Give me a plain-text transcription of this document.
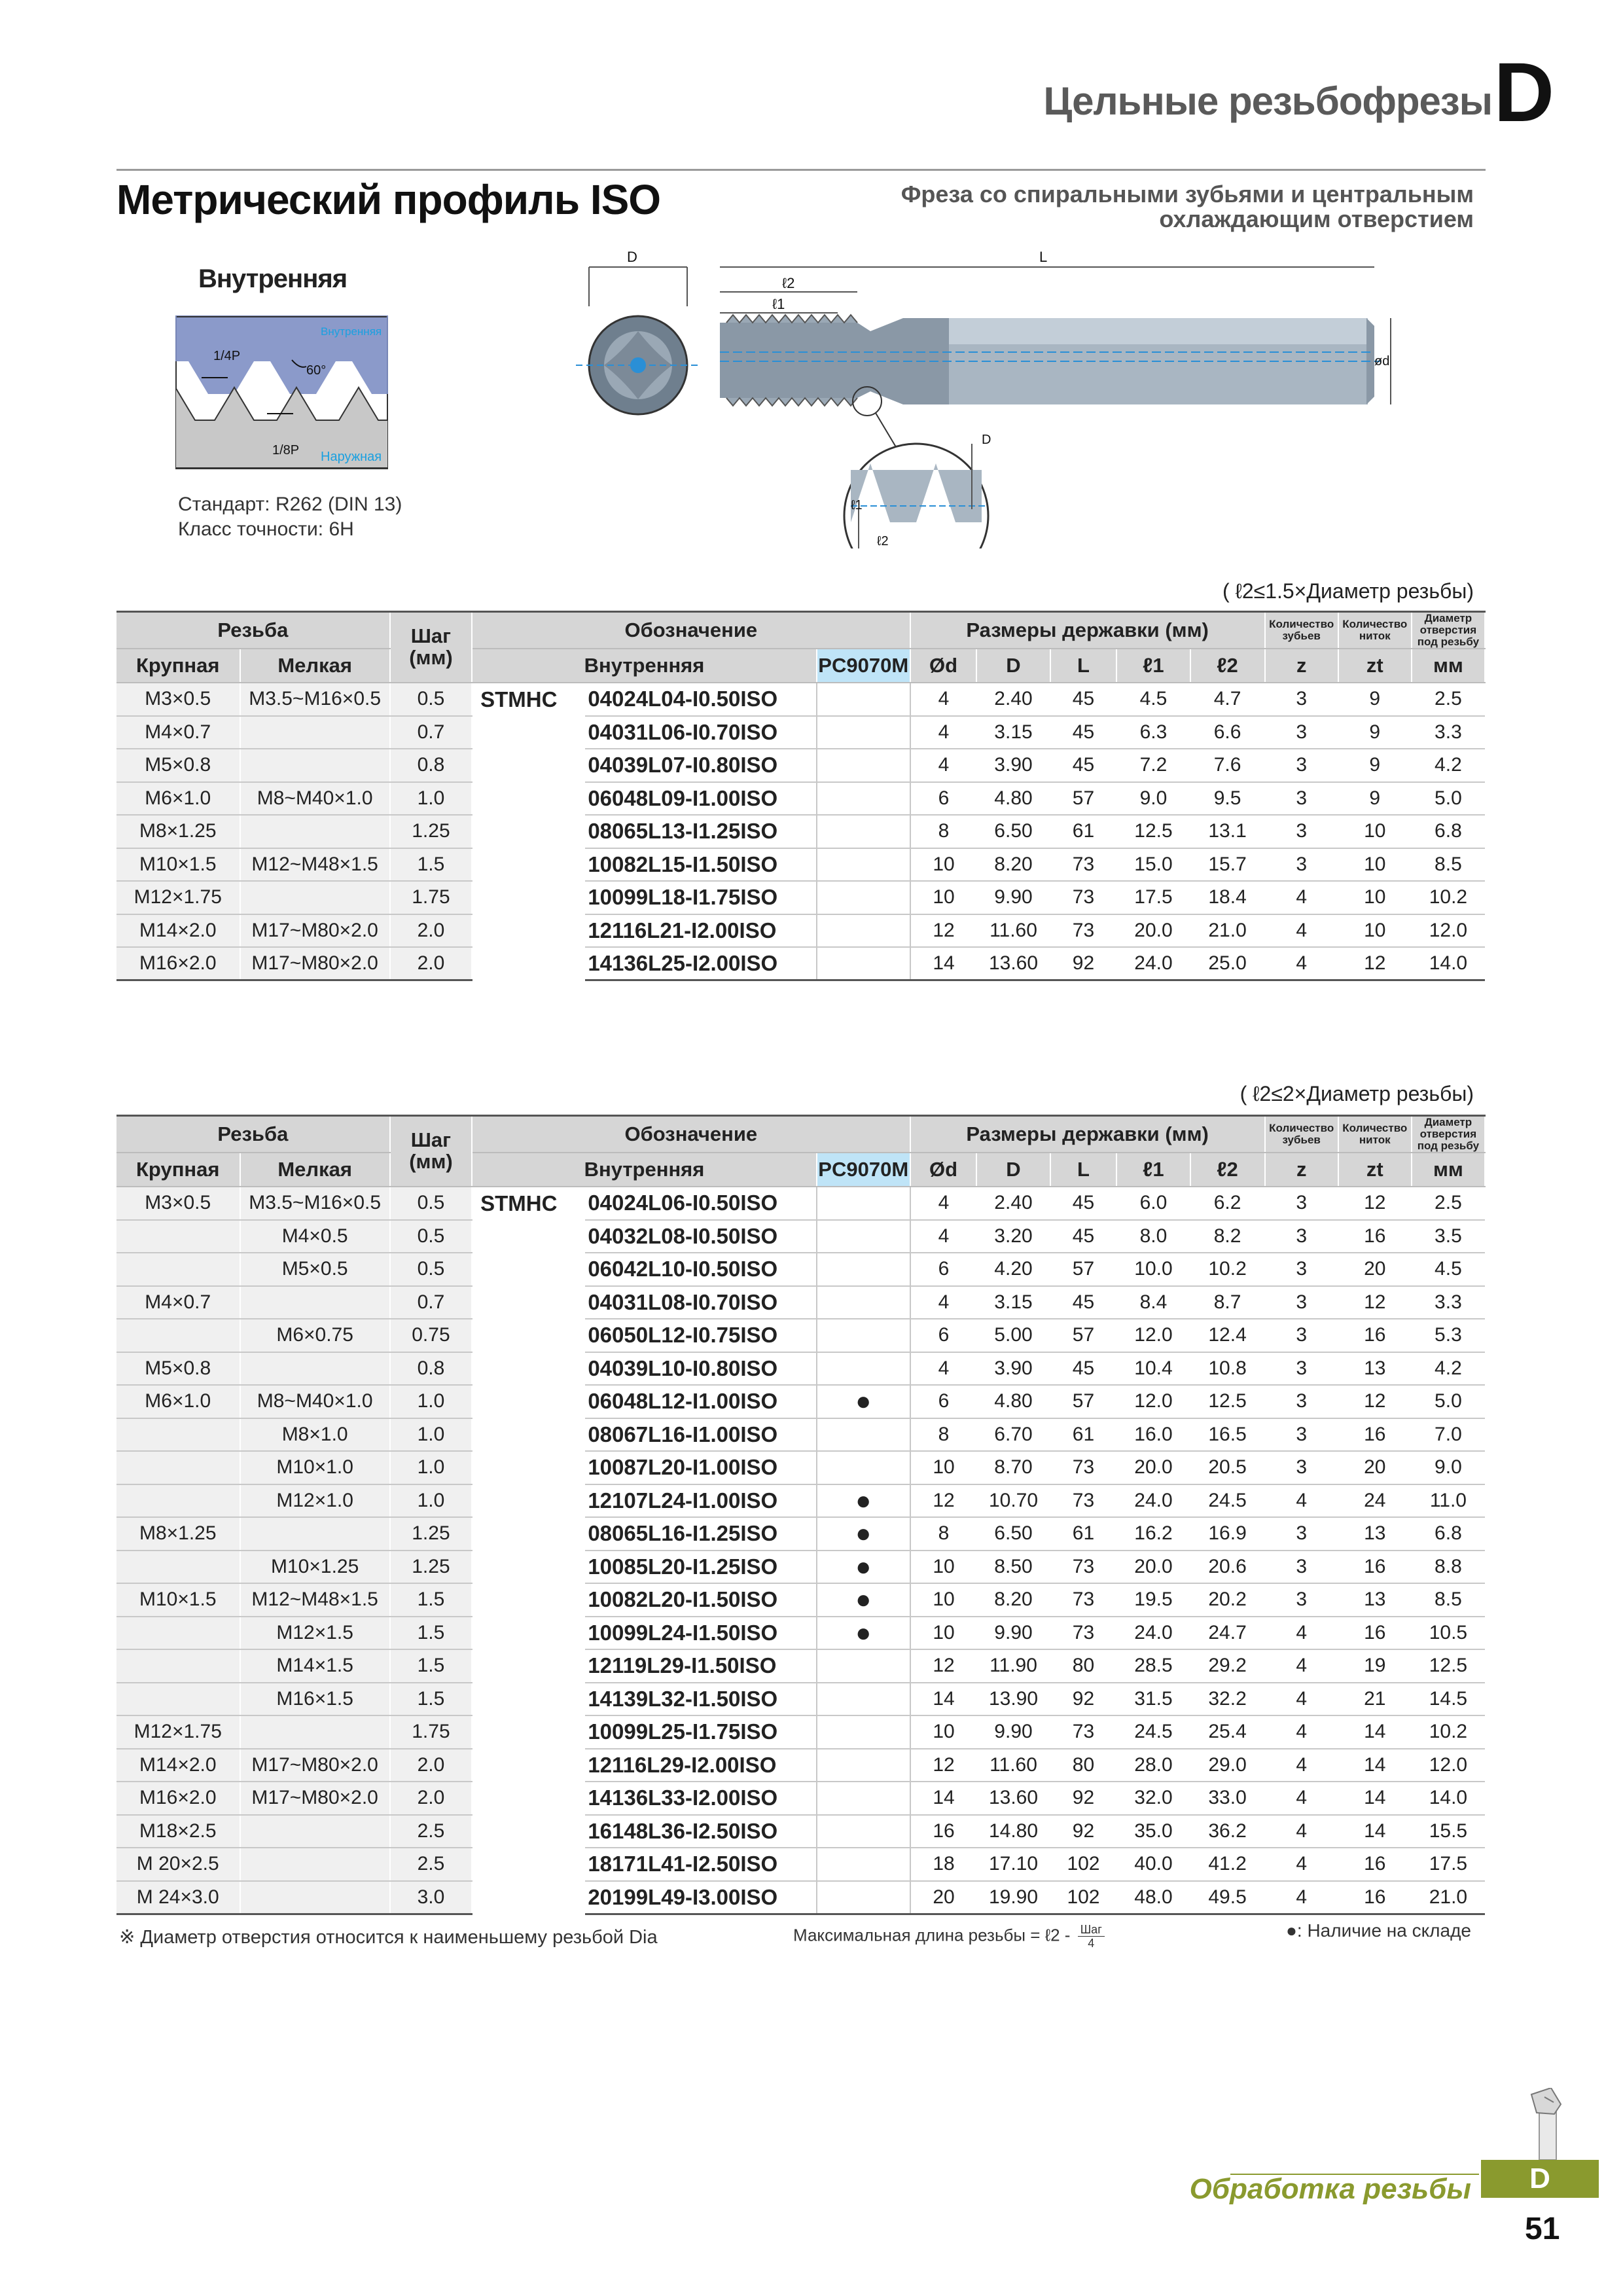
Цельные резьбофрезы D
Метрический профиль ISO	Фреза со спиральными зубьями и центральным
охлаждающим отверстием
Внутренняя
1/4P
1/8P
60°
Внутренняя
Наружная
Стандарт: R262 (DIN 13)
Класс точности: 6H
D	L
ℓ2
ℓ1
ød
D
ℓ1
ℓ2
( ℓ2≤1.5×Диаметр резьбы)
Резьба		Шаг (мм)	Обозначение			Размеры державки (мм)					Количество зубьев	Количество ниток	Диаметр отверстия под резьбу
Крупная	Мелкая		Внутренняя		PC9070M	Ød	D	L	ℓ1	ℓ2	z	zt	мм
M3×0.5	M3.5~M16×0.5	0.5	STMHC	04024L04-I0.50ISO		4	2.40	45	4.5	4.7	3	9	2.5
M4×0.7		0.7		04031L06-I0.70ISO		4	3.15	45	6.3	6.6	3	9	3.3
M5×0.8		0.8		04039L07-I0.80ISO		4	3.90	45	7.2	7.6	3	9	4.2
M6×1.0	M8~M40×1.0	1.0		06048L09-I1.00ISO		6	4.80	57	9.0	9.5	3	9	5.0
M8×1.25		1.25		08065L13-I1.25ISO		8	6.50	61	12.5	13.1	3	10	6.8
M10×1.5	M12~M48×1.5	1.5		10082L15-I1.50ISO		10	8.20	73	15.0	15.7	3	10	8.5
M12×1.75		1.75		10099L18-I1.75ISO		10	9.90	73	17.5	18.4	4	10	10.2
M14×2.0	M17~M80×2.0	2.0		12116L21-I2.00ISO		12	11.60	73	20.0	21.0	4	10	12.0
M16×2.0	M17~M80×2.0	2.0		14136L25-I2.00ISO		14	13.60	92	24.0	25.0	4	12	14.0
( ℓ2≤2×Диаметр резьбы)
Резьба		Шаг (мм)	Обозначение			Размеры державки (мм)					Количество зубьев	Количество ниток	Диаметр отверстия под резьбу
Крупная	Мелкая		Внутренняя		PC9070M	Ød	D	L	ℓ1	ℓ2	z	zt	мм
M3×0.5	M3.5~M16×0.5	0.5	STMHC	04024L06-I0.50ISO		4	2.40	45	6.0	6.2	3	12	2.5
	M4×0.5	0.5		04032L08-I0.50ISO		4	3.20	45	8.0	8.2	3	16	3.5
	M5×0.5	0.5		06042L10-I0.50ISO		6	4.20	57	10.0	10.2	3	20	4.5
M4×0.7		0.7		04031L08-I0.70ISO		4	3.15	45	8.4	8.7	3	12	3.3
	M6×0.75	0.75		06050L12-I0.75ISO		6	5.00	57	12.0	12.4	3	16	5.3
M5×0.8		0.8		04039L10-I0.80ISO		4	3.90	45	10.4	10.8	3	13	4.2
M6×1.0	M8~M40×1.0	1.0		06048L12-I1.00ISO	●	6	4.80	57	12.0	12.5	3	12	5.0
	M8×1.0	1.0		08067L16-I1.00ISO		8	6.70	61	16.0	16.5	3	16	7.0
	M10×1.0	1.0		10087L20-I1.00ISO		10	8.70	73	20.0	20.5	3	20	9.0
	M12×1.0	1.0		12107L24-I1.00ISO	●	12	10.70	73	24.0	24.5	4	24	11.0
M8×1.25		1.25		08065L16-I1.25ISO	●	8	6.50	61	16.2	16.9	3	13	6.8
	M10×1.25	1.25		10085L20-I1.25ISO	●	10	8.50	73	20.0	20.6	3	16	8.8
M10×1.5	M12~M48×1.5	1.5		10082L20-I1.50ISO	●	10	8.20	73	19.5	20.2	3	13	8.5
	M12×1.5	1.5		10099L24-I1.50ISO	●	10	9.90	73	24.0	24.7	4	16	10.5
	M14×1.5	1.5		12119L29-I1.50ISO		12	11.90	80	28.5	29.2	4	19	12.5
	M16×1.5	1.5		14139L32-I1.50ISO		14	13.90	92	31.5	32.2	4	21	14.5
M12×1.75		1.75		10099L25-I1.75ISO		10	9.90	73	24.5	25.4	4	14	10.2
M14×2.0	M17~M80×2.0	2.0		12116L29-I2.00ISO		12	11.60	80	28.0	29.0	4	14	12.0
M16×2.0	M17~M80×2.0	2.0		14136L33-I2.00ISO		14	13.60	92	32.0	33.0	4	14	14.0
M18×2.5		2.5		16148L36-I2.50ISO		16	14.80	92	35.0	36.2	4	14	15.5
M 20×2.5		2.5		18171L41-I2.50ISO		18	17.10	102	40.0	41.2	4	16	17.5
M 24×3.0		3.0		20199L49-I3.00ISO		20	19.90	102	48.0	49.5	4	16	21.0
※ Диаметр отверстия относится к наименьшему резьбой Dia	Максимальная длина резьбы = ℓ2 - $\frac{\text{Шаг}}{4}$	●: Наличие на складе
Обработка резьбы	D
51
